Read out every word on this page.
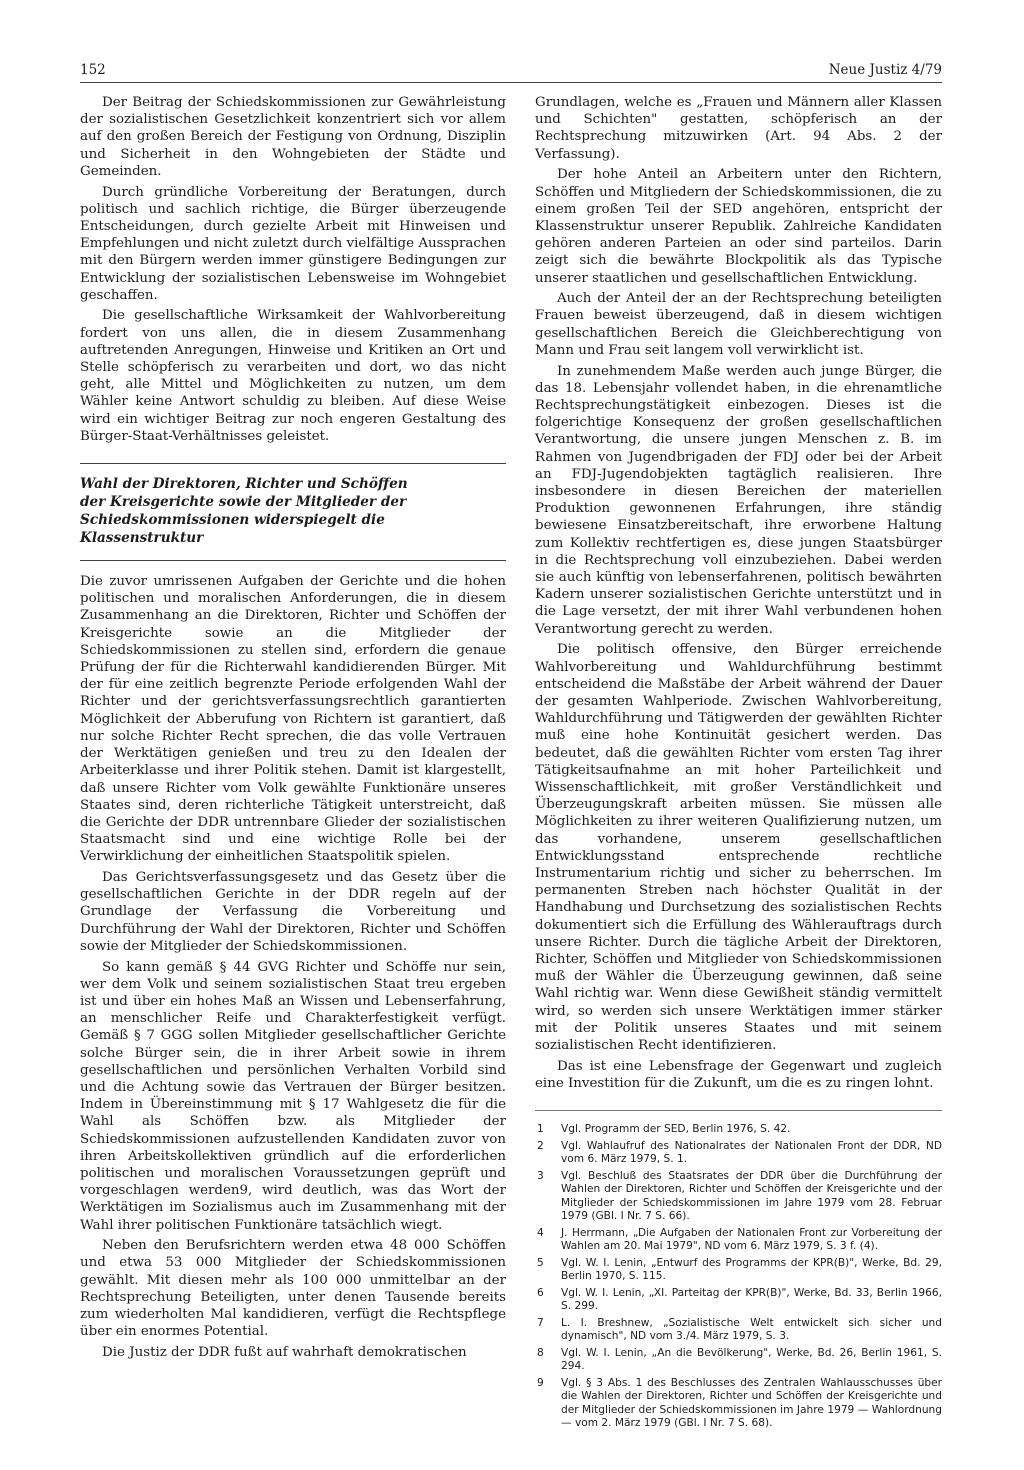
152	Neue Justiz 4/79

Der Beitrag der Schiedskommissionen zur Gewährleistung der sozialistischen Gesetzlichkeit konzentriert sich vor allem auf den großen Bereich der Festigung von Ordnung, Disziplin und Sicherheit in den Wohngebieten der Städte und Gemeinden.

Durch gründliche Vorbereitung der Beratungen, durch politisch und sachlich richtige, die Bürger überzeugende Entscheidungen, durch gezielte Arbeit mit Hinweisen und Empfehlungen und nicht zuletzt durch vielfältige Aussprachen mit den Bürgern werden immer günstigere Bedingungen zur Entwicklung der sozialistischen Lebensweise im Wohngebiet geschaffen.

Die gesellschaftliche Wirksamkeit der Wahlvorbereitung fordert von uns allen, die in diesem Zusammenhang auftretenden Anregungen, Hinweise und Kritiken an Ort und Stelle schöpferisch zu verarbeiten und dort, wo das nicht geht, alle Mittel und Möglichkeiten zu nutzen, um dem Wähler keine Antwort schuldig zu bleiben. Auf diese Weise wird ein wichtiger Beitrag zur noch engeren Gestaltung des Bürger-Staat-Verhältnisses geleistet.

Wahl der Direktoren, Richter und Schöffen
der Kreisgerichte sowie der Mitglieder der
Schiedskommissionen widerspiegelt die Klassenstruktur

Die zuvor umrissenen Aufgaben der Gerichte und die hohen politischen und moralischen Anforderungen, die in diesem Zusammenhang an die Direktoren, Richter und Schöffen der Kreisgerichte sowie an die Mitglieder der Schiedskommissionen zu stellen sind, erfordern die genaue Prüfung der für die Richterwahl kandidierenden Bürger. Mit der für eine zeitlich begrenzte Periode erfolgenden Wahl der Richter und der gerichtsverfassungsrechtlich garantierten Möglichkeit der Abberufung von Richtern ist garantiert, daß nur solche Richter Recht sprechen, die das volle Vertrauen der Werktätigen genießen und treu zu den Idealen der Arbeiterklasse und ihrer Politik stehen. Damit ist klargestellt, daß unsere Richter vom Volk gewählte Funktionäre unseres Staates sind, deren richterliche Tätigkeit unterstreicht, daß die Gerichte der DDR untrennbare Glieder der sozialistischen Staatsmacht sind und eine wichtige Rolle bei der Verwirklichung der einheitlichen Staatspolitik spielen.

Das Gerichtsverfassungsgesetz und das Gesetz über die gesellschaftlichen Gerichte in der DDR regeln auf der Grundlage der Verfassung die Vorbereitung und Durchführung der Wahl der Direktoren, Richter und Schöffen sowie der Mitglieder der Schiedskommissionen.

So kann gemäß § 44 GVG Richter und Schöffe nur sein, wer dem Volk und seinem sozialistischen Staat treu ergeben ist und über ein hohes Maß an Wissen und Lebenserfahrung, an menschlicher Reife und Charakterfestigkeit verfügt. Gemäß § 7 GGG sollen Mitglieder gesellschaftlicher Gerichte solche Bürger sein, die in ihrer Arbeit sowie in ihrem gesellschaftlichen und persönlichen Verhalten Vorbild sind und die Achtung sowie das Vertrauen der Bürger besitzen. Indem in Übereinstimmung mit § 17 Wahlgesetz die für die Wahl als Schöffen bzw. als Mitglieder der Schiedskommissionen aufzustellenden Kandidaten zuvor von ihren Arbeitskollektiven gründlich auf die erforderlichen politischen und moralischen Voraussetzungen geprüft und vorgeschlagen werden9, wird deutlich, was das Wort der Werktätigen im Sozialismus auch im Zusammenhang mit der Wahl ihrer politischen Funktionäre tatsächlich wiegt.

Neben den Berufsrichtern werden etwa 48 000 Schöffen und etwa 53 000 Mitglieder der Schiedskommissionen gewählt. Mit diesen mehr als 100 000 unmittelbar an der Rechtsprechung Beteiligten, unter denen Tausende bereits zum wiederholten Mal kandidieren, verfügt die Rechtspflege über ein enormes Potential.

Die Justiz der DDR fußt auf wahrhaft demokratischen

Grundlagen, welche es „Frauen und Männern aller Klassen und Schichten" gestatten, schöpferisch an der Rechtsprechung mitzuwirken (Art. 94 Abs. 2 der Verfassung).

Der hohe Anteil an Arbeitern unter den Richtern, Schöffen und Mitgliedern der Schiedskommissionen, die zu einem großen Teil der SED angehören, entspricht der Klassenstruktur unserer Republik. Zahlreiche Kandidaten gehören anderen Parteien an oder sind parteilos. Darin zeigt sich die bewährte Blockpolitik als das Typische unserer staatlichen und gesellschaftlichen Entwicklung.

Auch der Anteil der an der Rechtsprechung beteiligten Frauen beweist überzeugend, daß in diesem wichtigen gesellschaftlichen Bereich die Gleichberechtigung von Mann und Frau seit langem voll verwirklicht ist.

In zunehmendem Maße werden auch junge Bürger, die das 18. Lebensjahr vollendet haben, in die ehrenamtliche Rechtsprechungstätigkeit einbezogen. Dieses ist die folgerichtige Konsequenz der großen gesellschaftlichen Verantwortung, die unsere jungen Menschen z. B. im Rahmen von Jugendbrigaden der FDJ oder bei der Arbeit an FDJ-Jugendobjekten tagtäglich realisieren. Ihre insbesondere in diesen Bereichen der materiellen Produktion gewonnenen Erfahrungen, ihre ständig bewiesene Einsatzbereitschaft, ihre erworbene Haltung zum Kollektiv rechtfertigen es, diese jungen Staatsbürger in die Rechtsprechung voll einzubeziehen. Dabei werden sie auch künftig von lebenserfahrenen, politisch bewährten Kadern unserer sozialistischen Gerichte unterstützt und in die Lage versetzt, der mit ihrer Wahl verbundenen hohen Verantwortung gerecht zu werden.

Die politisch offensive, den Bürger erreichende Wahlvorbereitung und Wahldurchführung bestimmt entscheidend die Maßstäbe der Arbeit während der Dauer der gesamten Wahlperiode. Zwischen Wahlvorbereitung, Wahldurchführung und Tätigwerden der gewählten Richter muß eine hohe Kontinuität gesichert werden. Das bedeutet, daß die gewählten Richter vom ersten Tag ihrer Tätigkeitsaufnahme an mit hoher Parteilichkeit und Wissenschaftlichkeit, mit großer Verständlichkeit und Überzeugungskraft arbeiten müssen. Sie müssen alle Möglichkeiten zu ihrer weiteren Qualifizierung nutzen, um das vorhandene, unserem gesellschaftlichen Entwicklungsstand entsprechende rechtliche Instrumentarium richtig und sicher zu beherrschen. Im permanenten Streben nach höchster Qualität in der Handhabung und Durchsetzung des sozialistischen Rechts dokumentiert sich die Erfüllung des Wählerauftrags durch unsere Richter. Durch die tägliche Arbeit der Direktoren, Richter, Schöffen und Mitglieder von Schiedskommissionen muß der Wähler die Überzeugung gewinnen, daß seine Wahl richtig war. Wenn diese Gewißheit ständig vermittelt wird, so werden sich unsere Werktätigen immer stärker mit der Politik unseres Staates und mit seinem sozialistischen Recht identifizieren.

Das ist eine Lebensfrage der Gegenwart und zugleich eine Investition für die Zukunft, um die es zu ringen lohnt.

1	Vgl. Programm der SED, Berlin 1976, S. 42.
2	Vgl. Wahlaufruf des Nationalrates der Nationalen Front der DDR, ND vom 6. März 1979, S. 1.
3	Vgl. Beschluß des Staatsrates der DDR über die Durchführung der Wahlen der Direktoren, Richter und Schöffen der Kreisgerichte und der Mitglieder der Schiedskommissionen im Jahre 1979 vom 28. Februar 1979 (GBl. I Nr. 7 S. 66).
4	J. Herrmann, „Die Aufgaben der Nationalen Front zur Vorbereitung der Wahlen am 20. Mai 1979", ND vom 6. März 1979, S. 3 f. (4).
5	Vgl. W. I. Lenin, „Entwurf des Programms der KPR(B)", Werke, Bd. 29, Berlin 1970, S. 115.
6	Vgl. W. I. Lenin, „XI. Parteitag der KPR(B)", Werke, Bd. 33, Berlin 1966, S. 299.
7	L. I. Breshnew, „Sozialistische Welt entwickelt sich sicher und dynamisch", ND vom 3./4. März 1979, S. 3.
8	Vgl. W. I. Lenin, „An die Bevölkerung", Werke, Bd. 26, Berlin 1961, S. 294.
9	Vgl. § 3 Abs. 1 des Beschlusses des Zentralen Wahlausschusses über die Wahlen der Direktoren, Richter und Schöffen der Kreisgerichte und der Mitglieder der Schiedskommissionen im Jahre 1979 — Wahlordnung — vom 2. März 1979 (GBl. I Nr. 7 S. 68).
